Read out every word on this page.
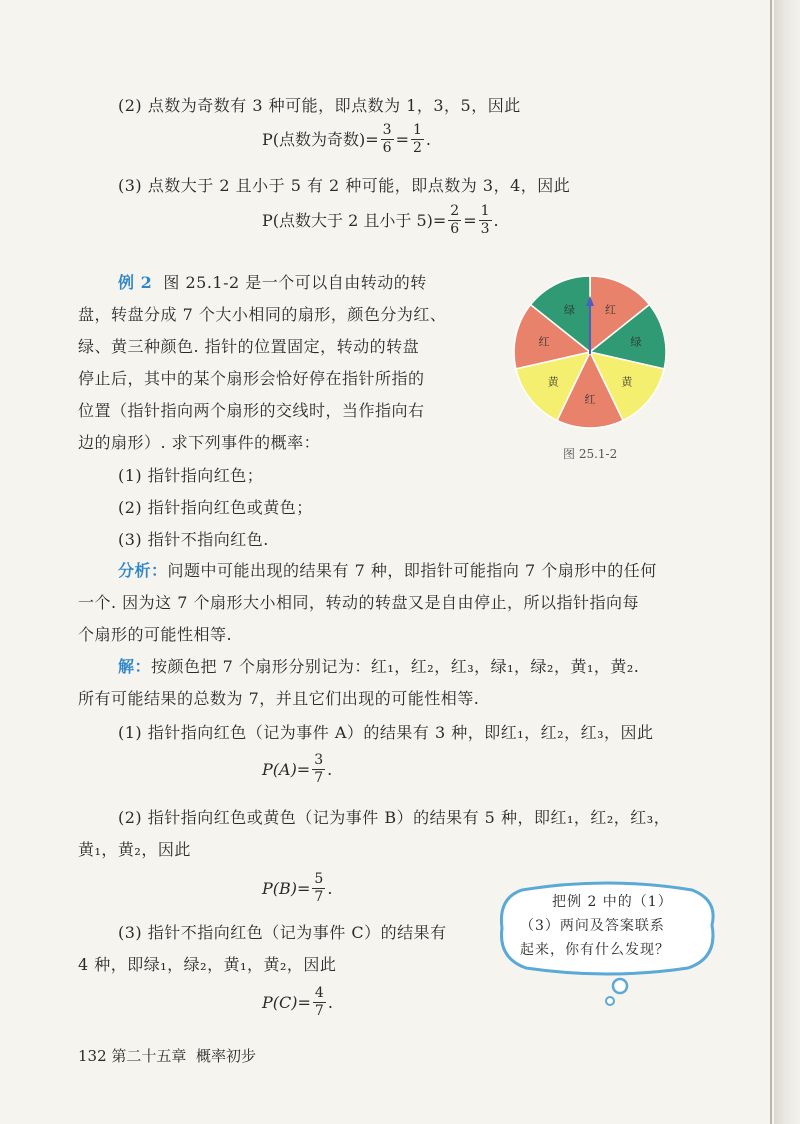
(2) 点数为奇数有 3 种可能，即点数为 1，3，5，因此
P(点数为奇数)= $\frac{3}{6} = \frac{1}{2}$ .
(3) 点数大于 2 且小于 5 有 2 种可能，即点数为 3，4，因此
P(点数大于 2 且小于 $5)= \frac{2}{6} = \frac{1}{3}$ .
例 2 图 25.1-2 是一个可以自由转动的转
盘，转盘分成 7 个大小相同的扇形，颜色分为红、
绿、黄三种颜色. 指针的位置固定，转动的转盘
停止后，其中的某个扇形会恰好停在指针所指的
位置（指针指向两个扇形的交线时，当作指向右
边的扇形）. 求下列事件的概率：
(1) 指针指向红色；
(2) 指针指向红色或黄色；
(3) 指针不指向红色.
红
绿
黄
红
黄
红
绿
图 25.1-2
分析：问题中可能出现的结果有 7 种，即指针可能指向 7 个扇形中的任何
一个. 因为这 7 个扇形大小相同，转动的转盘又是自由停止，所以指针指向每
个扇形的可能性相等.
解：按颜色把 7 个扇形分别记为：红₁，红₂，红₃，绿₁，绿₂，黄₁，黄₂.
所有可能结果的总数为 7，并且它们出现的可能性相等.
(1) 指针指向红色（记为事件 A）的结果有 3 种，即红₁，红₂，红₃，因此
$P(A)= \frac{3}{7}$ .
(2) 指针指向红色或黄色（记为事件 B）的结果有 5 种，即红₁，红₂，红₃，
黄₁，黄₂，因此
$P(B)= \frac{5}{7}$ .
(3) 指针不指向红色（记为事件 C）的结果有
4 种，即绿₁，绿₂，黄₁，黄₂，因此
$P(C)= \frac{4}{7}$ .
把例 2 中的（1）
（3）两问及答案联系
起来，你有什么发现？
132 第二十五章 概率初步
